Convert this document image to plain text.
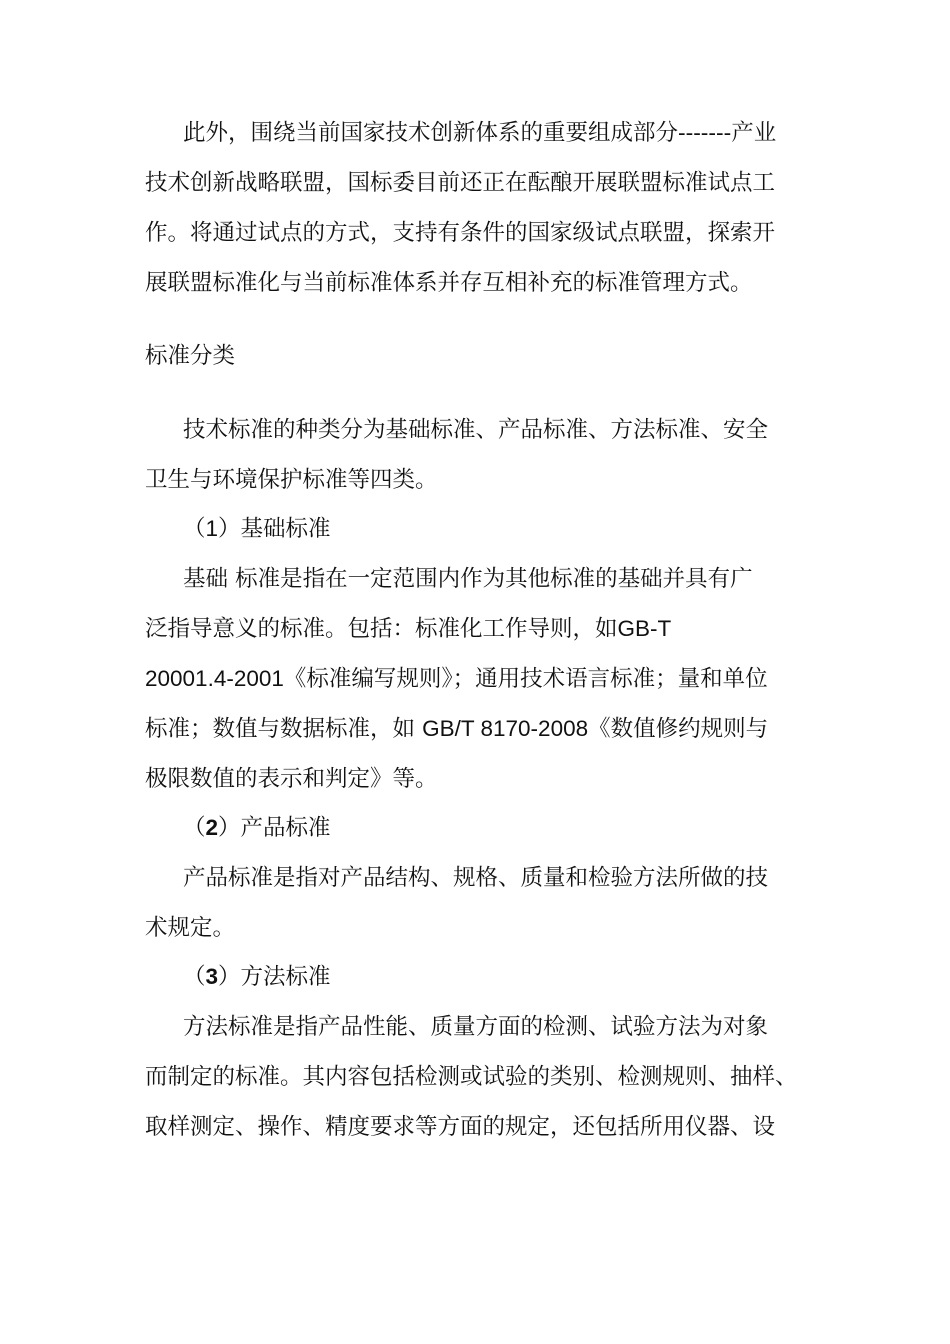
此外，围绕当前国家技术创新体系的重要组成部分-------产业
技术创新战略联盟，国标委目前还正在酝酿开展联盟标准试点工
作。将通过试点的方式，支持有条件的国家级试点联盟，探索开
展联盟标准化与当前标准体系并存互相补充的标准管理方式。
标准分类
技术标准的种类分为基础标准、产品标准、方法标准、安全
卫生与环境保护标准等四类。
（1）基础标准
基础 标准是指在一定范围内作为其他标准的基础并具有广
泛指导意义的标准。包括：标准化工作导则，如GB-T
20001.4-2001《标准编写规则》；通用技术语言标准；量和单位
标准；数值与数据标准，如 GB/T 8170-2008《数值修约规则与
极限数值的表示和判定》等。
（2）产品标准
产品标准是指对产品结构、规格、质量和检验方法所做的技
术规定。
（3）方法标准
方法标准是指产品性能、质量方面的检测、试验方法为对象
而制定的标准。其内容包括检测或试验的类别、检测规则、抽样、
取样测定、操作、精度要求等方面的规定，还包括所用仪器、设
